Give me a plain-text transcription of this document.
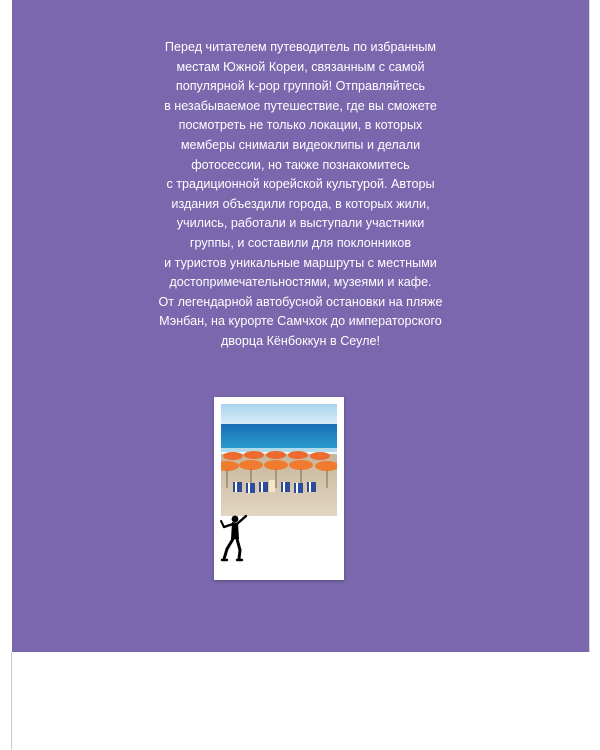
Перед читателем путеводитель по избранным
местам Южной Кореи, связанным с самой
популярной k-pop группой! Отправляйтесь
в незабываемое путешествие, где вы сможете
посмотреть не только локации, в которых
мемберы снимали видеоклипы и делали
фотосессии, но также познакомитесь
с традиционной корейской культурой. Авторы
издания объездили города, в которых жили,
учились, работали и выступали участники
группы, и составили для поклонников
и туристов уникальные маршруты с местными
достопримечательностями, музеями и кафе.
От легендарной автобусной остановки на пляже
Мэнбан, на курорте Самчхок до императорского
дворца Кёнбоккун в Сеуле!
